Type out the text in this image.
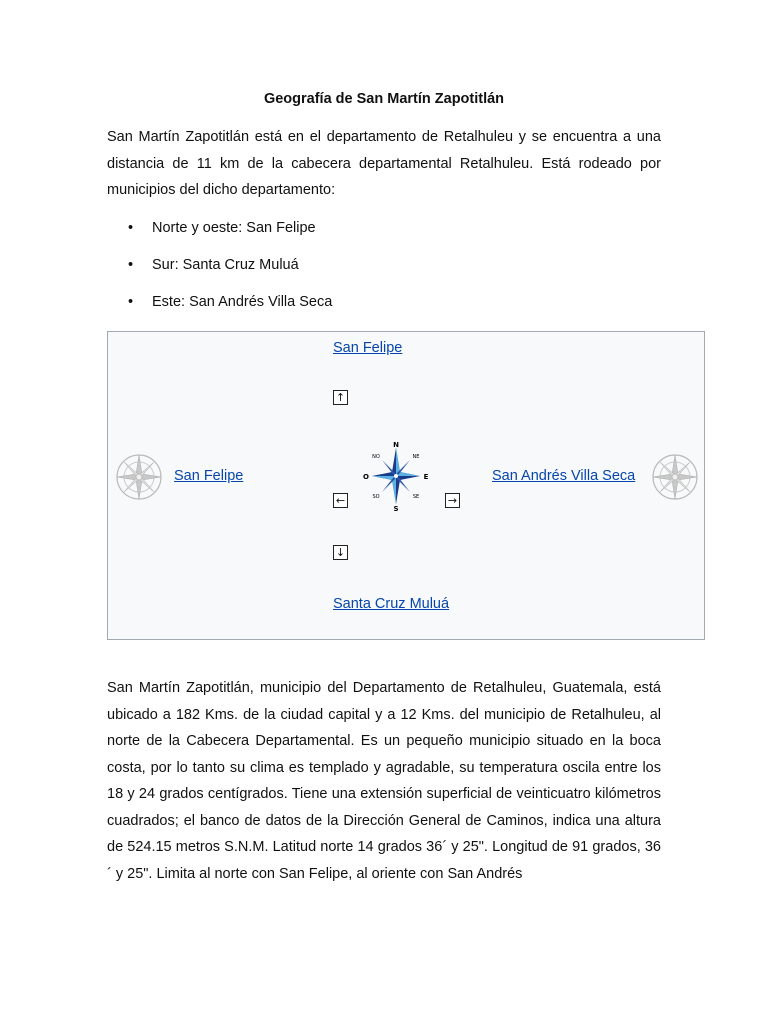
Geografía de San Martín Zapotitlán

San Martín Zapotitlán está en el departamento de Retalhuleu y se encuentra a una distancia de 11 km de la cabecera departamental Retalhuleu. Está rodeado por municipios del dicho departamento:

• Norte y oeste: San Felipe
• Sur: Santa Cruz Muluá
• Este: San Andrés Villa Seca
San Felipe
↑
San Felipe
←
N
S
E
O
NO	NE
SO	SE	→
San Andrés Villa Seca
↓
Santa Cruz Muluá

San Martín Zapotitlán, municipio del Departamento de Retalhuleu, Guatemala, está ubicado a 182 Kms. de la ciudad capital y a 12 Kms. del municipio de Retalhuleu, al norte de la Cabecera Departamental. Es un pequeño municipio situado en la boca costa, por lo tanto su clima es templado y agradable, su temperatura oscila entre los 18 y 24 grados centígrados. Tiene una extensión superficial de veinticuatro kilómetros cuadrados; el banco de datos de la Dirección General de Caminos, indica una altura de 524.15 metros S.N.M. Latitud norte 14 grados 36´ y 25". Longitud de 91 grados, 36´ y 25". Limita al norte con San Felipe, al oriente con San Andrés
